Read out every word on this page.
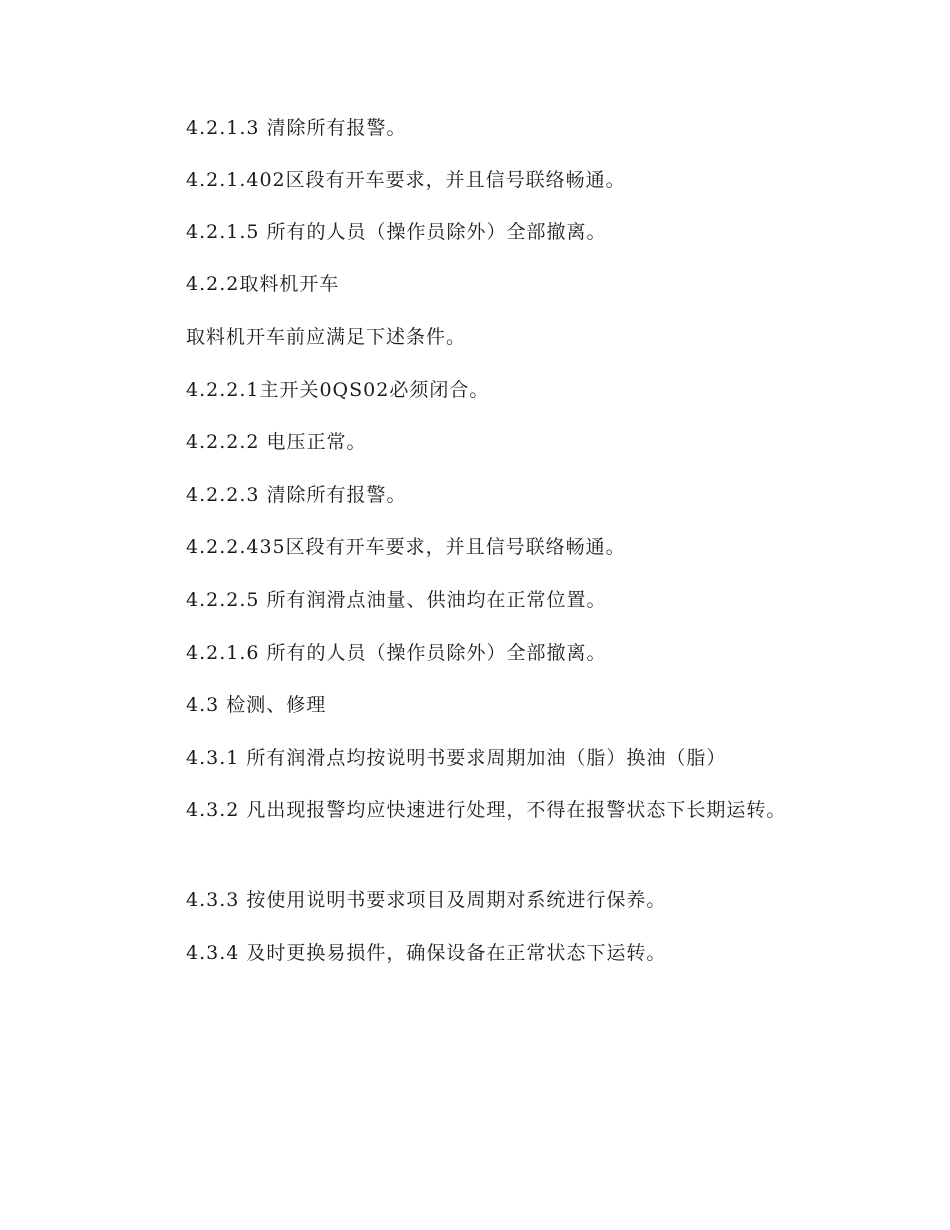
4.2.1.3 清除所有报警。

4.2.1.402区段有开车要求，并且信号联络畅通。

4.2.1.5 所有的人员（操作员除外）全部撤离。

4.2.2取料机开车

取料机开车前应满足下述条件。

4.2.2.1主开关0QS02必须闭合。

4.2.2.2 电压正常。

4.2.2.3 清除所有报警。

4.2.2.435区段有开车要求，并且信号联络畅通。

4.2.2.5 所有润滑点油量、供油均在正常位置。

4.2.1.6 所有的人员（操作员除外）全部撤离。

4.3 检测、修理

4.3.1 所有润滑点均按说明书要求周期加油（脂）换油（脂）

4.3.2 凡出现报警均应快速进行处理，不得在报警状态下长期运转。

4.3.3 按使用说明书要求项目及周期对系统进行保养。

4.3.4 及时更换易损件，确保设备在正常状态下运转。
